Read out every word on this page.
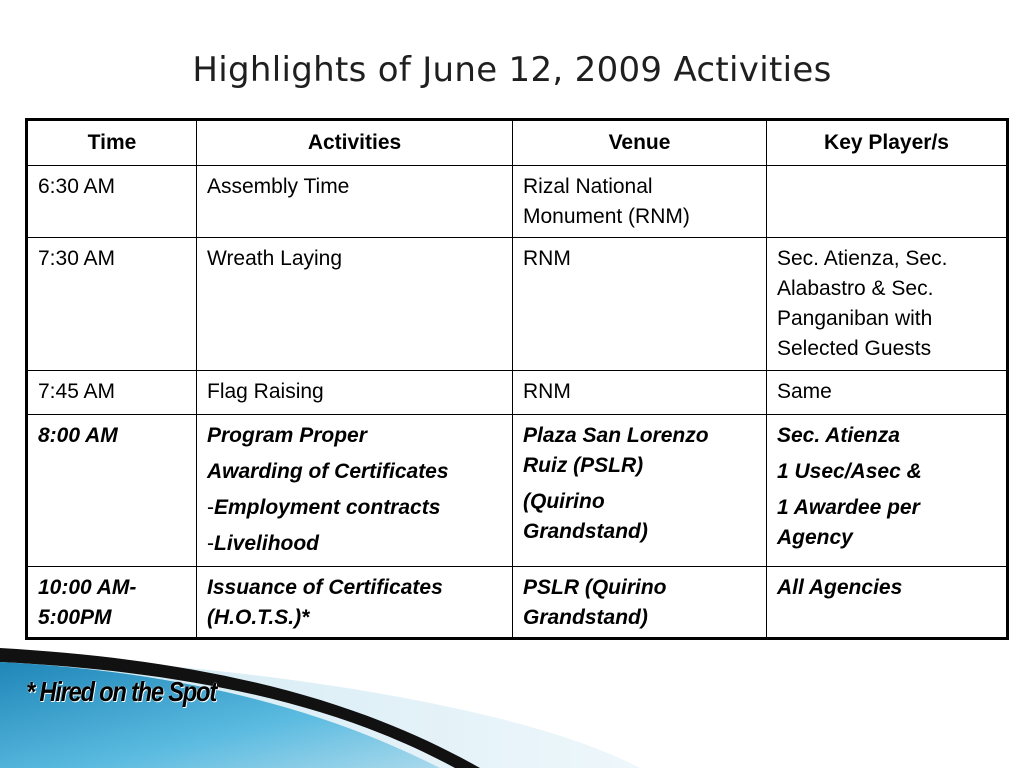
Highlights of June 12, 2009 Activities
Time	Activities	Venue	Key Player/s

6:30 AM	Assembly Time	Rizal National
Monument (RNM)	

7:30 AM	Wreath Laying	RNM	Sec. Atienza, Sec.
Alabastro & Sec.
Panganiban with
Selected Guests

7:45 AM	Flag Raising	RNM	Same

8:00 AM	Program Proper
Awarding of Certificates
-Employment contracts
-Livelihood	Plaza San Lorenzo
Ruiz (PSLR)
(Quirino
Grandstand)	Sec. Atienza
1 Usec/Asec &
1 Awardee per
Agency

10:00 AM-
5:00PM	Issuance of Certificates
(H.O.T.S.)*	PSLR (Quirino
Grandstand)	All Agencies
* Hired on the Spot
